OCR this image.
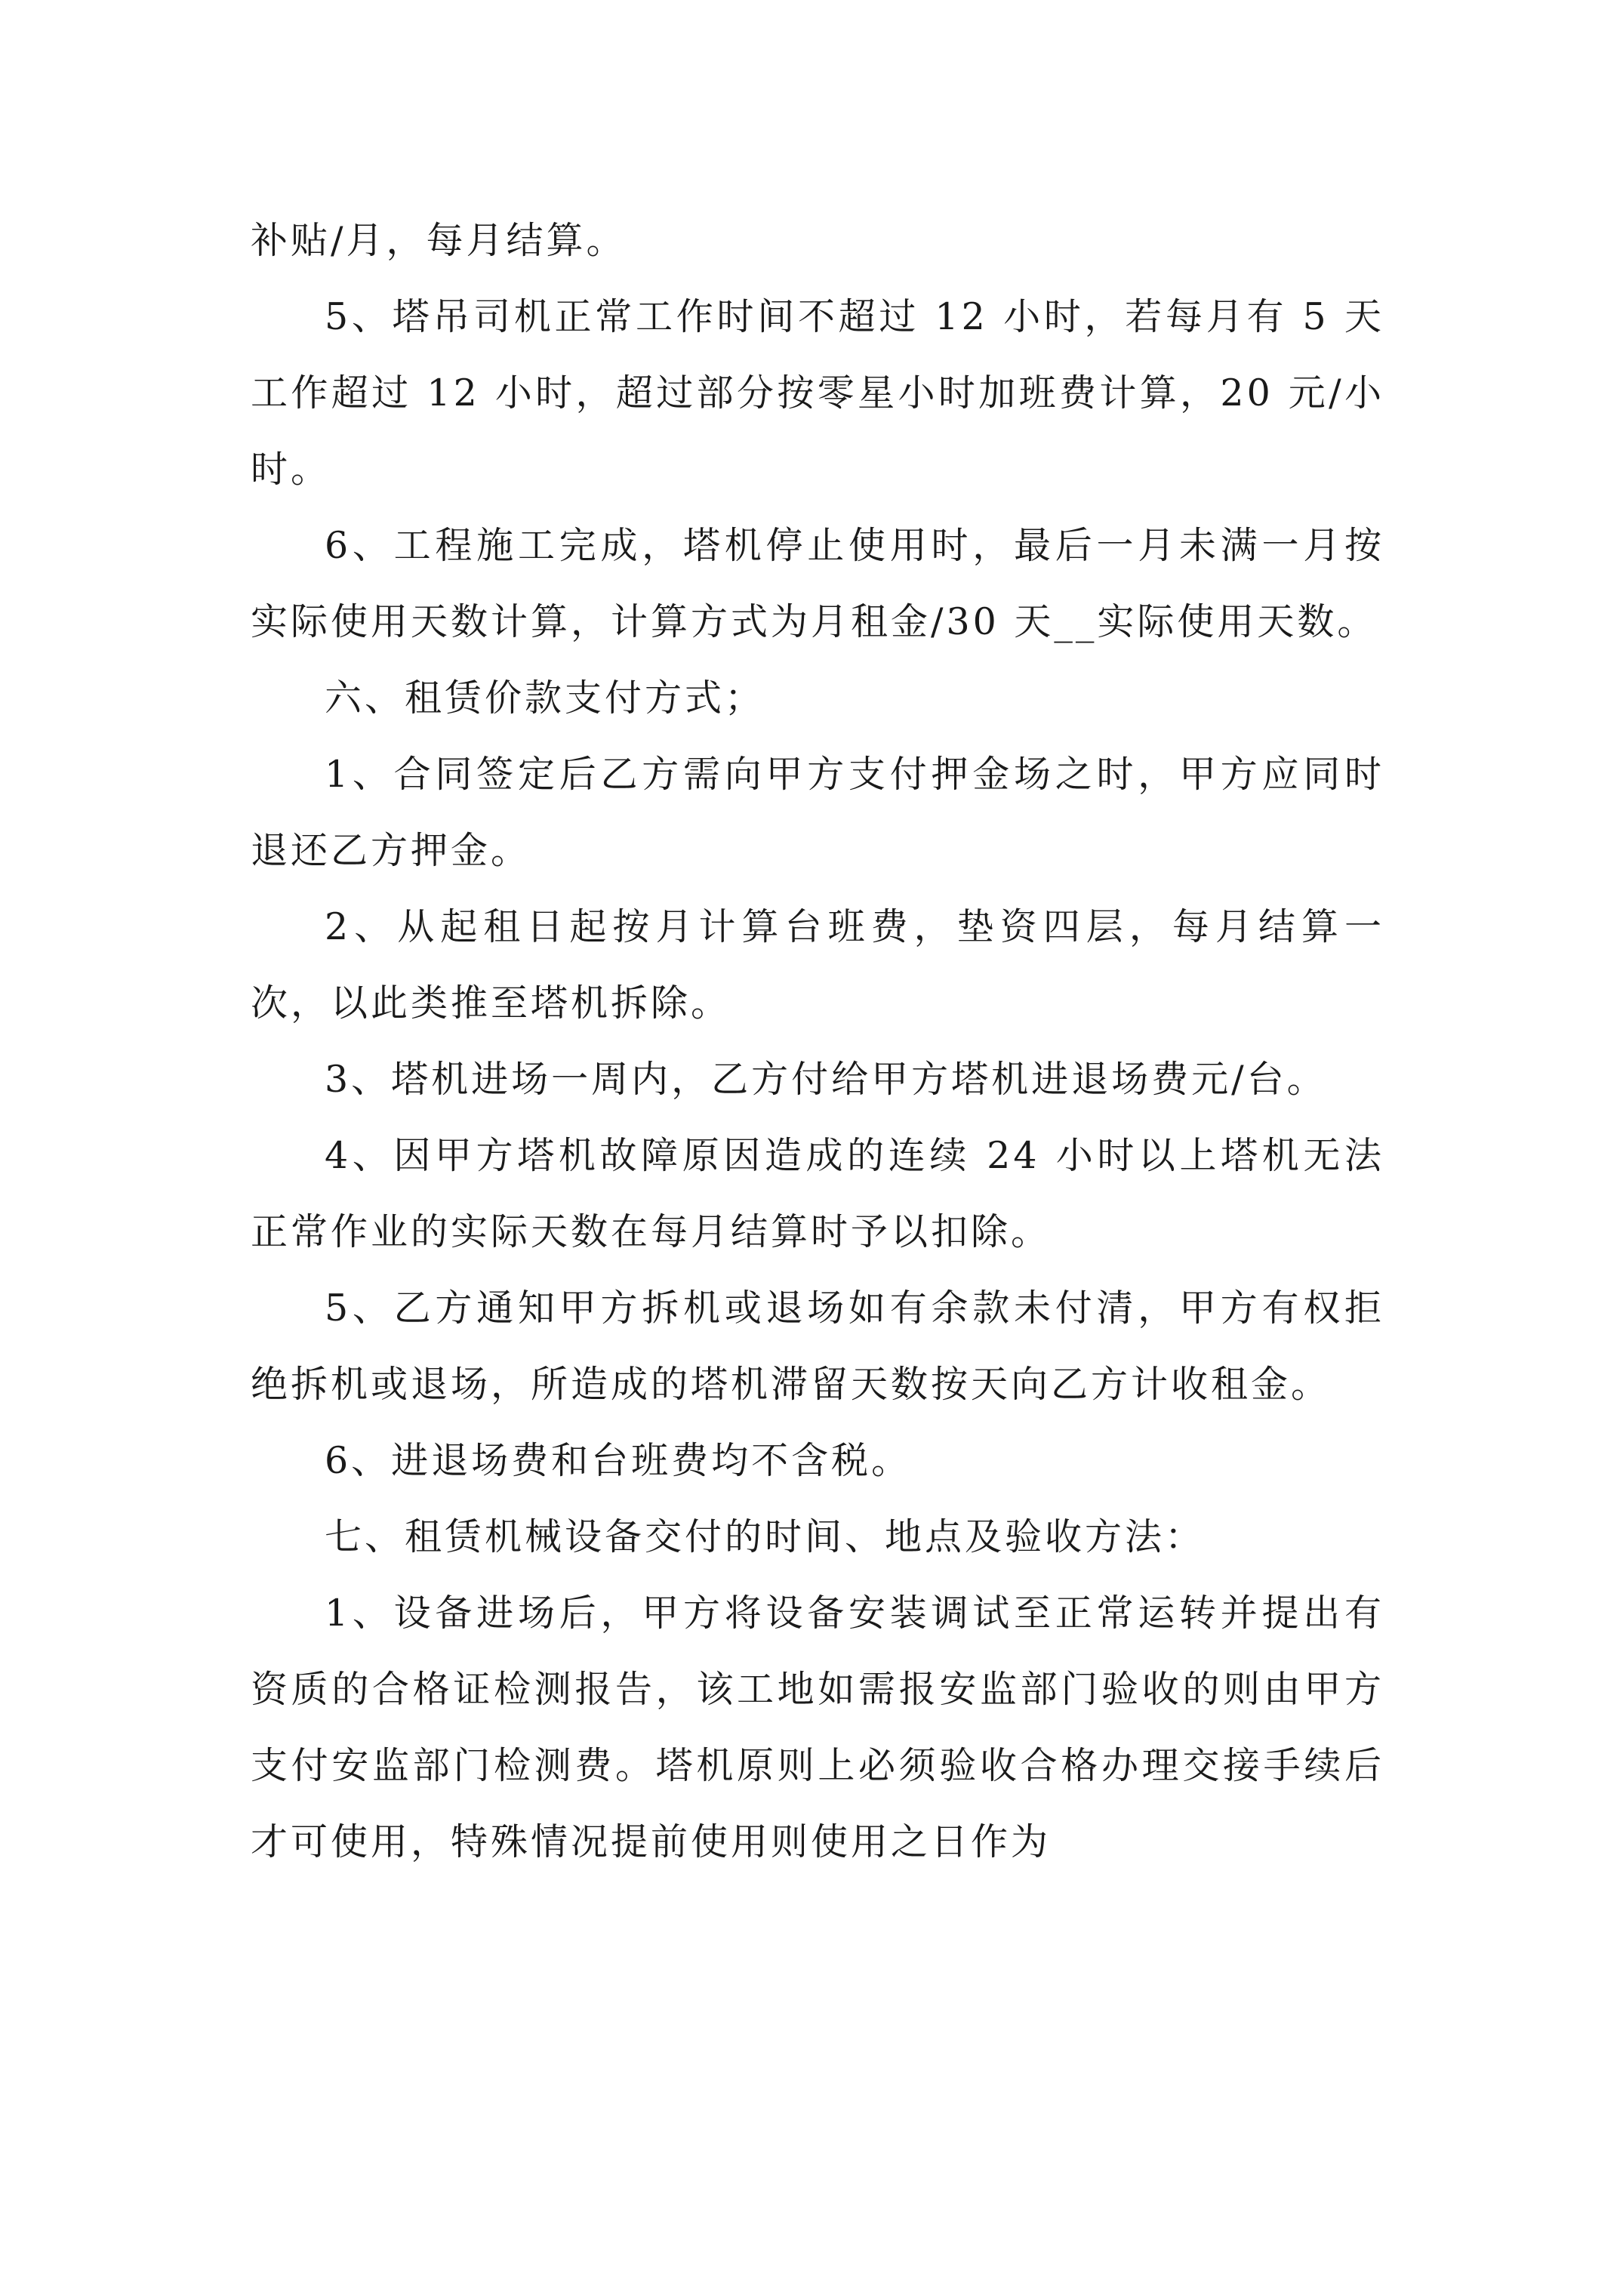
补贴/月，每月结算。

5、塔吊司机正常工作时间不超过 12 小时，若每月有 5 天工作超过 12 小时，超过部分按零星小时加班费计算，20 元/小时。

6、工程施工完成，塔机停止使用时，最后一月未满一月按实际使用天数计算，计算方式为月租金/30 天__实际使用天数。

六、租赁价款支付方式；

1、合同签定后乙方需向甲方支付押金场之时，甲方应同时退还乙方押金。

2、从起租日起按月计算台班费，垫资四层，每月结算一次，以此类推至塔机拆除。

3、塔机进场一周内，乙方付给甲方塔机进退场费元/台。

4、因甲方塔机故障原因造成的连续 24 小时以上塔机无法正常作业的实际天数在每月结算时予以扣除。

5、乙方通知甲方拆机或退场如有余款未付清，甲方有权拒绝拆机或退场，所造成的塔机滞留天数按天向乙方计收租金。

6、进退场费和台班费均不含税。

七、租赁机械设备交付的时间、地点及验收方法：

1、设备进场后，甲方将设备安装调试至正常运转并提出有资质的合格证检测报告，该工地如需报安监部门验收的则由甲方支付安监部门检测费。塔机原则上必须验收合格办理交接手续后才可使用，特殊情况提前使用则使用之日作为
